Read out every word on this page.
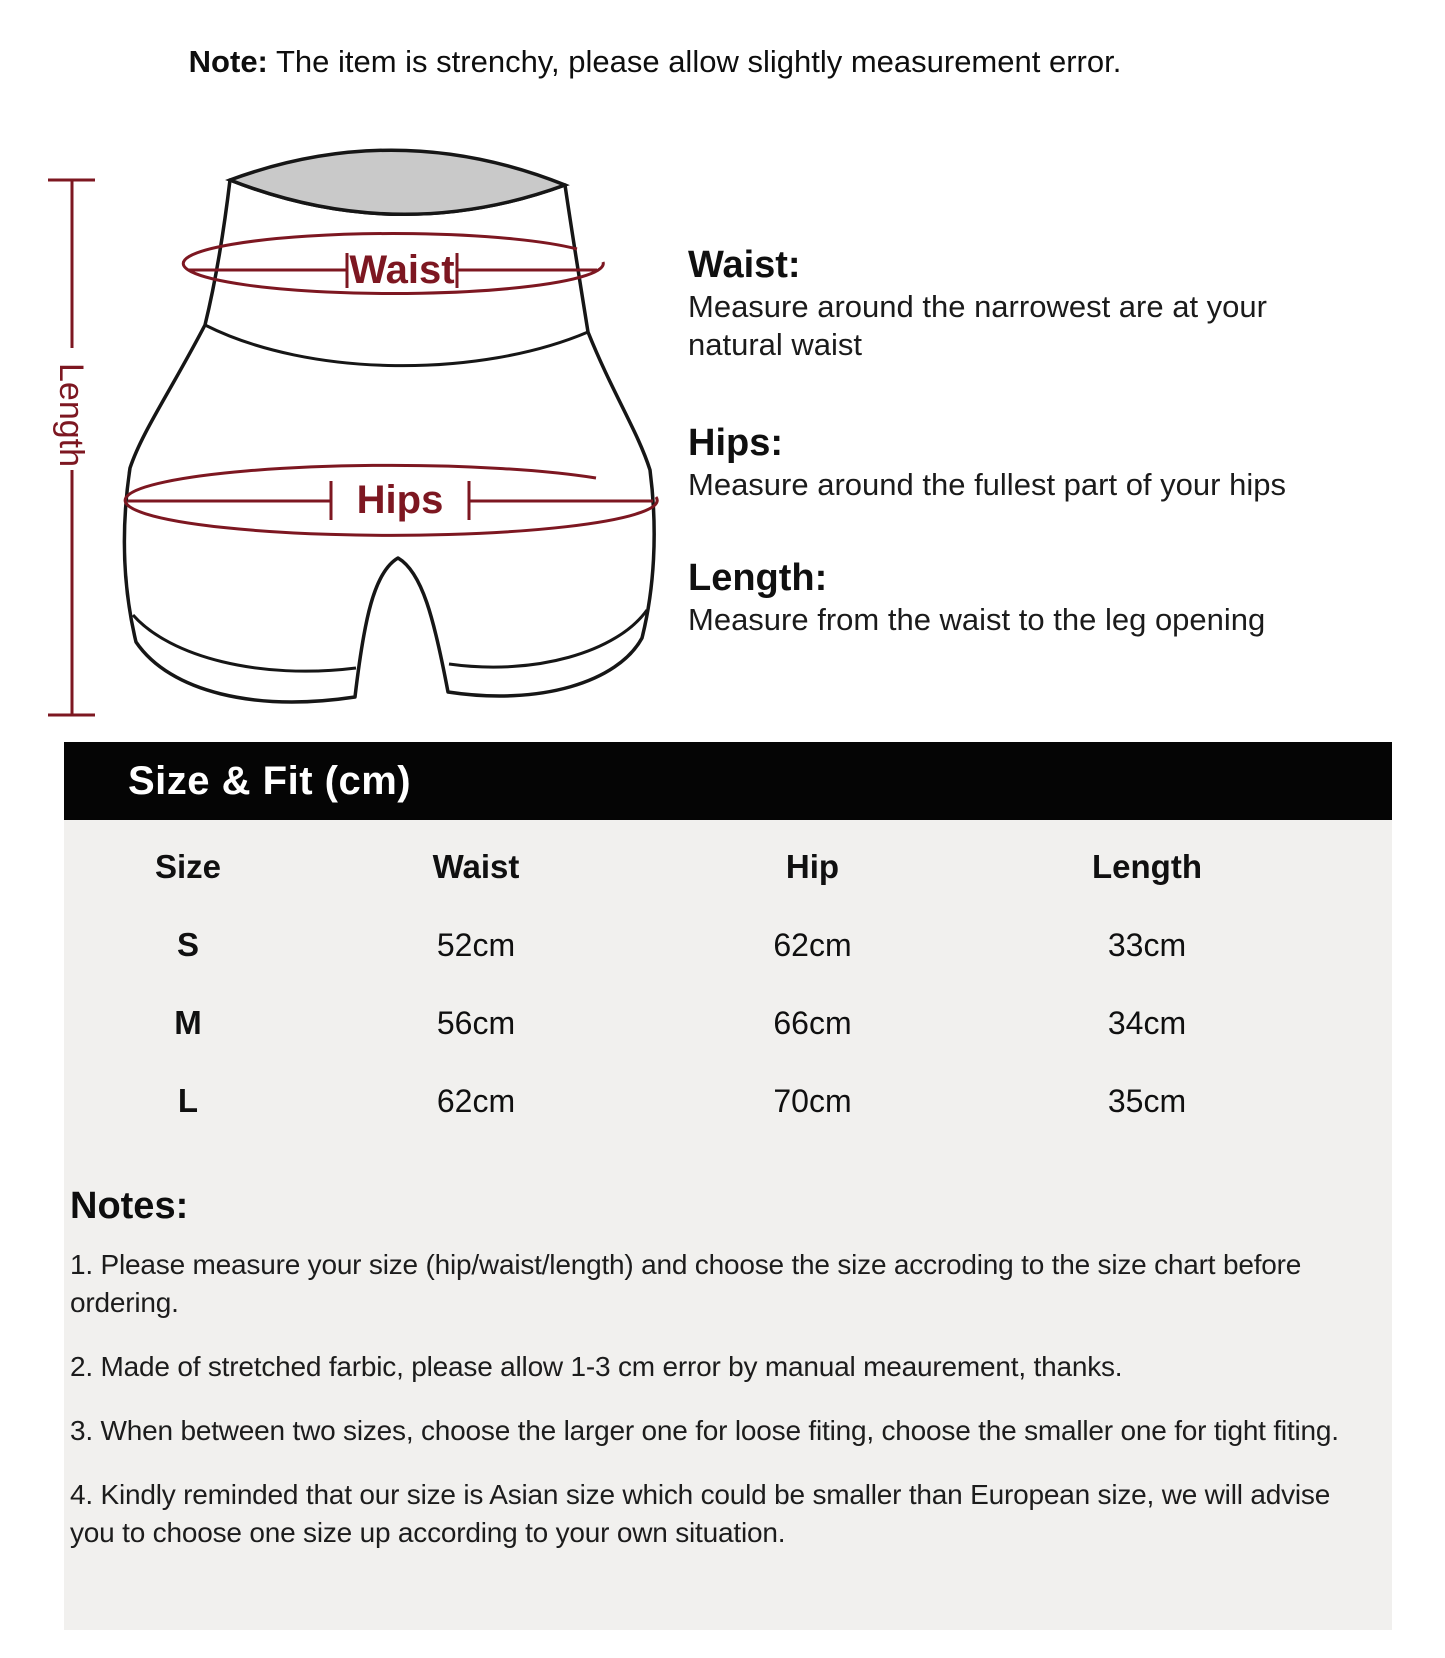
Note: The item is strenchy, please allow slightly measurement error.
Waist
Hips
Length
Waist:

Measure around the narrowest are at your natural waist

Hips:

Measure around the fullest part of your hips

Length:

Measure from the waist to the leg opening

Size & Fit (cm)
Size	Waist	Hip	Length
S	52cm	62cm	33cm
M	56cm	66cm	34cm
L	62cm	70cm	35cm
Notes:
1. Please measure your size (hip/waist/length) and choose the size accroding to the size chart before ordering.
2. Made of stretched farbic, please allow 1-3 cm error by manual meaurement, thanks.
3. When between two sizes, choose the larger one for loose fiting, choose the smaller one for tight fiting.
4. Kindly reminded that our size is Asian size which could be smaller than European size, we will advise you to choose one size up according to your own situation.
